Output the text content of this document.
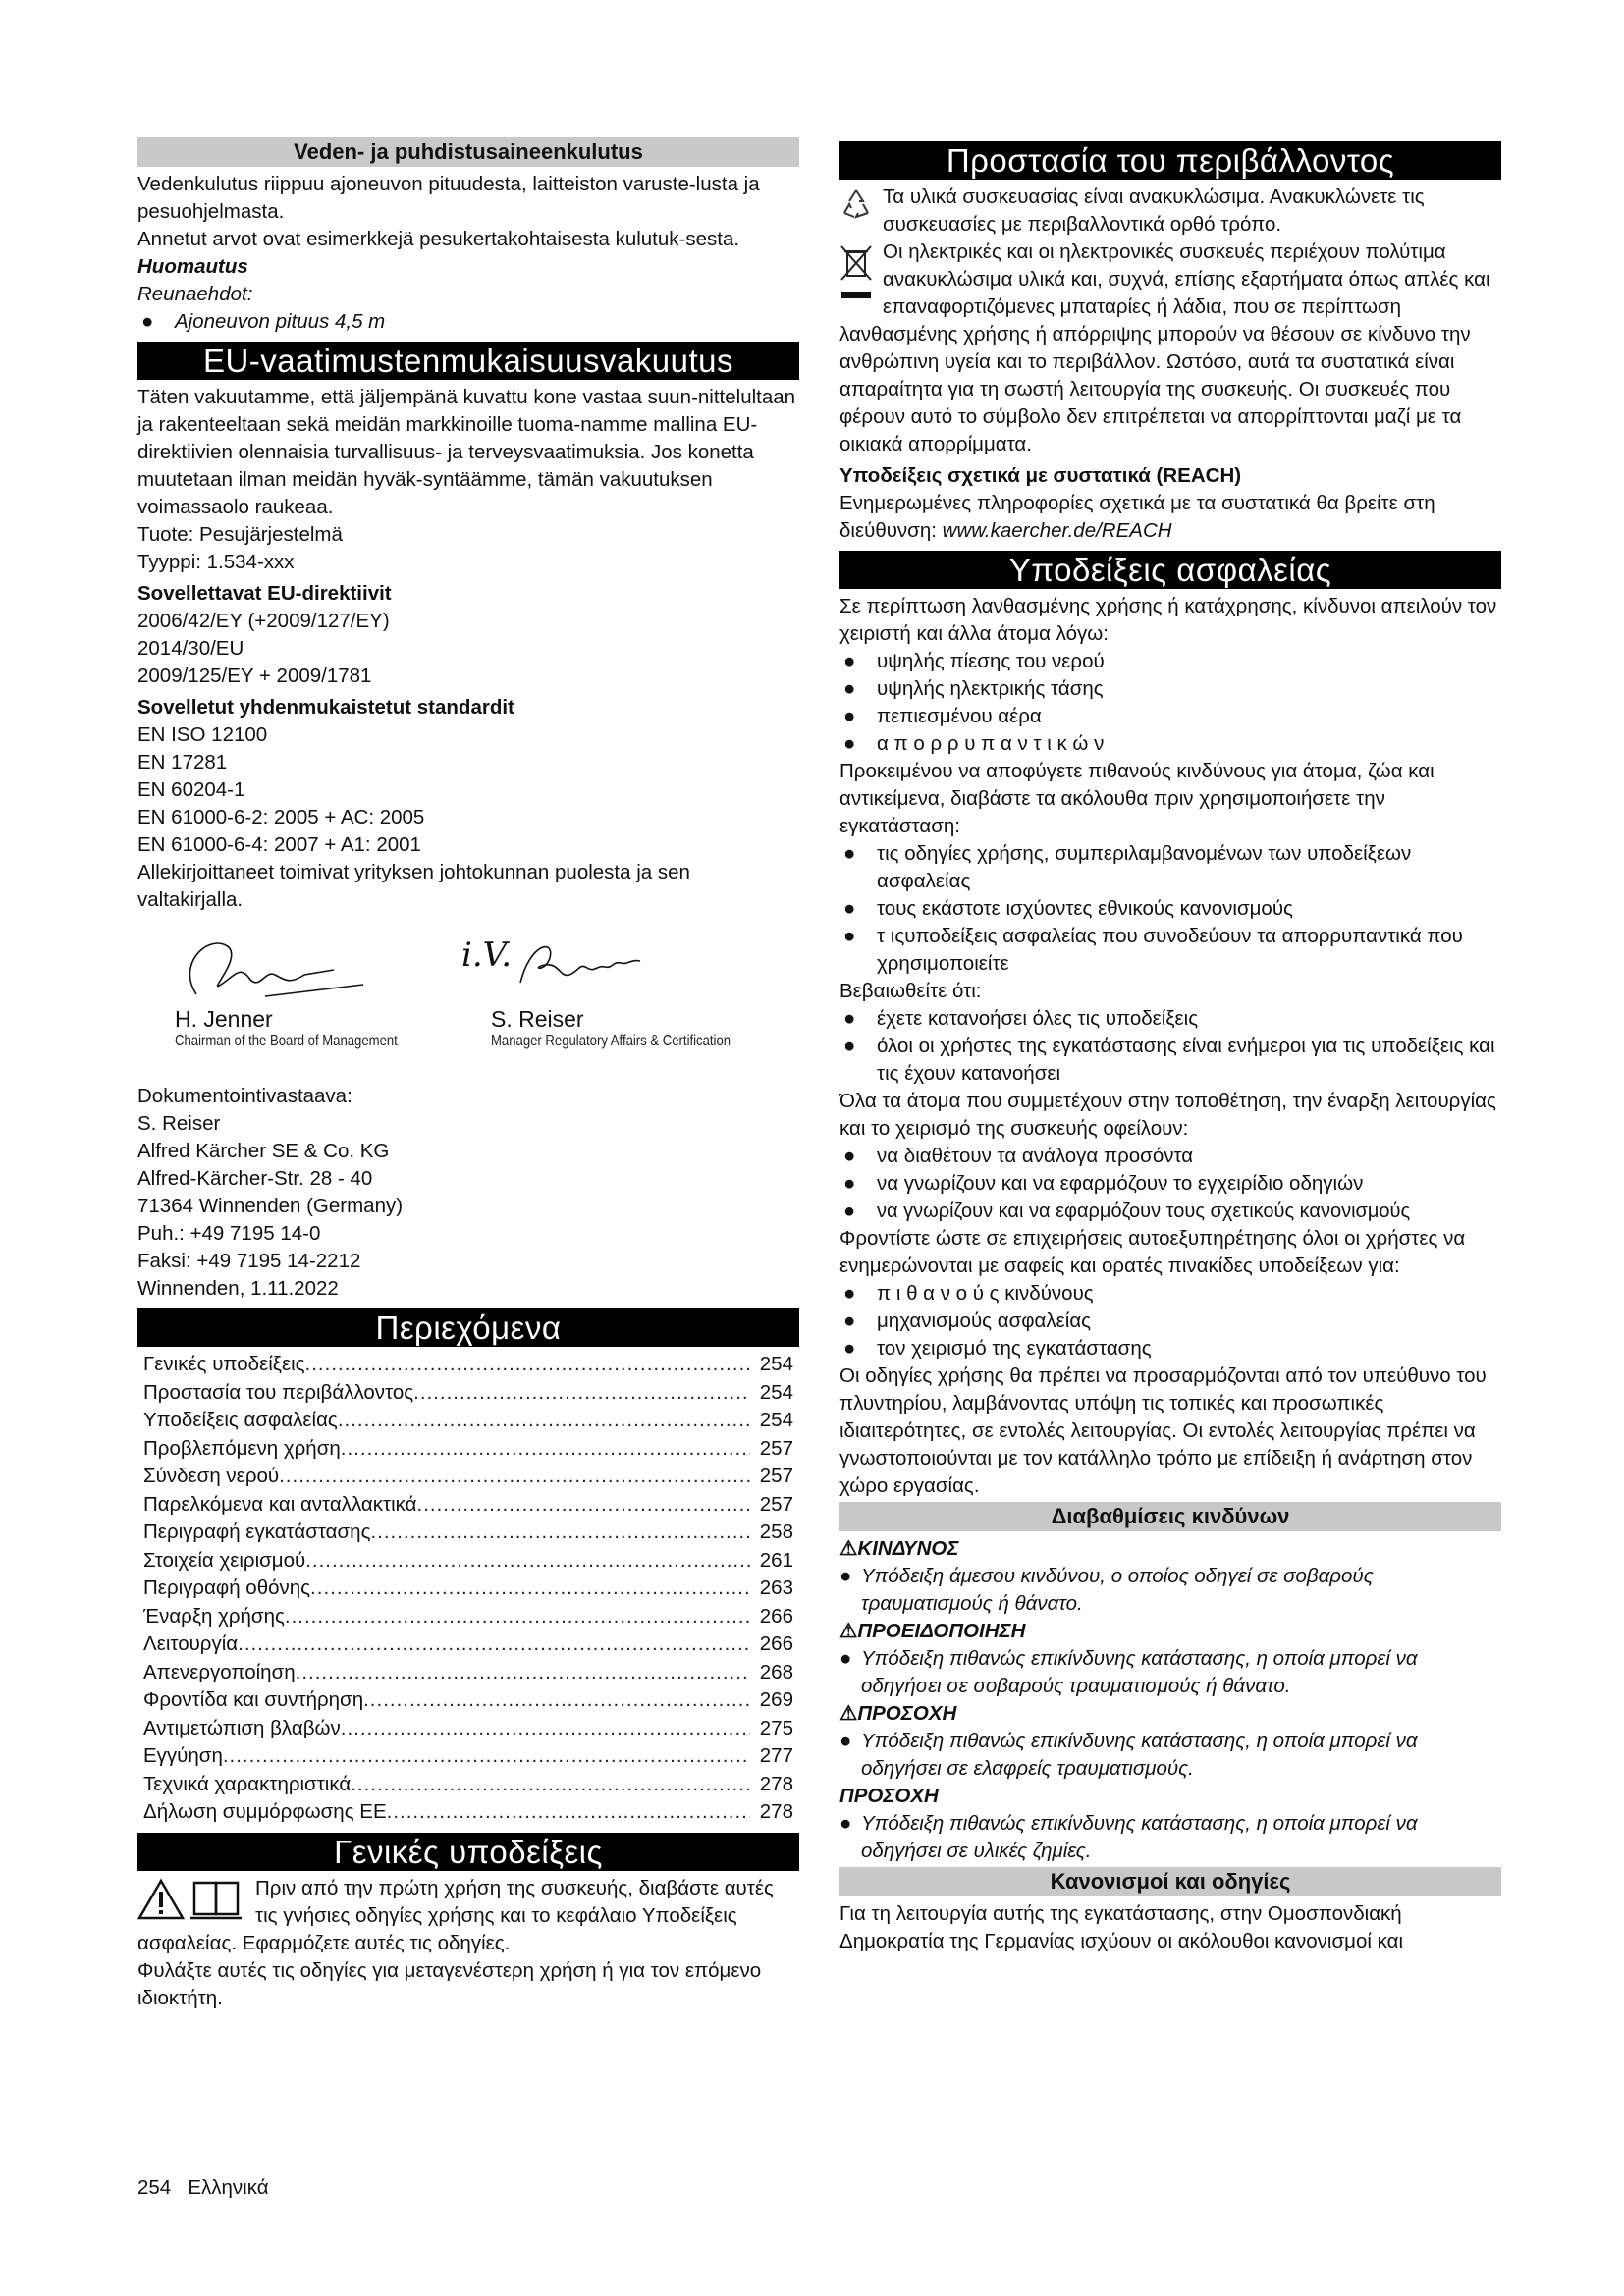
Veden- ja puhdistusaineenkulutus

Vedenkulutus riippuu ajoneuvon pituudesta, laitteiston varuste-lusta ja pesuohjelmasta.

Annetut arvot ovat esimerkkejä pesukertakohtaisesta kulutuk-sesta.

Huomautus

Reunaehdot:

● Ajoneuvon pituus 4,5 m
EU-vaatimustenmukaisuusvakuutus

Täten vakuutamme, että jäljempänä kuvattu kone vastaa suun-nittelultaan ja rakenteeltaan sekä meidän markkinoille tuoma-namme mallina EU-direktiivien olennaisia turvallisuus- ja terveysvaatimuksia. Jos konetta muutetaan ilman meidän hyväk-syntäämme, tämän vakuutuksen voimassaolo raukeaa.

Tuote: Pesujärjestelmä

Tyyppi: 1.534-xxx

Sovellettavat EU-direktiivit

2006/42/EY (+2009/127/EY)

2014/30/EU

2009/125/EY + 2009/1781

Sovelletut yhdenmukaistetut standardit

EN ISO 12100

EN 17281

EN 60204-1

EN 61000-6-2: 2005 + AC: 2005

EN 61000-6-4: 2007 + A1: 2001

Allekirjoittaneet toimivat yrityksen johtokunnan puolesta ja sen valtakirjalla.

H. Jenner
Chairman of the Board of Management
i.V.
S. Reiser
Manager Regulatory Affairs & Certification

Dokumentointivastaava:

S. Reiser

Alfred Kärcher SE & Co. KG

Alfred-Kärcher-Str. 28 - 40

71364 Winnenden (Germany)

Puh.: +49 7195 14-0

Faksi: +49 7195 14-2212

Winnenden, 1.11.2022

Περιεχόμενα
Γενικές υποδείξεις .....	254
Προστασία του περιβάλλοντος .....	254
Υποδείξεις ασφαλείας .....	254
Προβλεπόμενη χρήση .....	257
Σύνδεση νερού .....	257
Παρελκόμενα και ανταλλακτικά .....	257
Περιγραφή εγκατάστασης .....	258
Στοιχεία χειρισμού .....	261
Περιγραφή οθόνης .....	263
Έναρξη χρήσης .....	266
Λειτουργία .....	266
Απενεργοποίηση .....	268
Φροντίδα και συντήρηση .....	269
Αντιμετώπιση βλαβών .....	275
Εγγύηση .....	277
Τεχνικά χαρακτηριστικά .....	278
Δήλωση συμμόρφωσης ΕΕ .....	278
Γενικές υποδείξεις

Πριν από την πρώτη χρήση της συσκευής, διαβάστε αυτές τις γνήσιες οδηγίες χρήσης και το κεφάλαιο Υποδείξεις ασφαλείας. Εφαρμόζετε αυτές τις οδηγίες.

Φυλάξτε αυτές τις οδηγίες για μεταγενέστερη χρήση ή για τον επόμενο ιδιοκτήτη.

Προστασία του περιβάλλοντος
Τα υλικά συσκευασίας είναι ανακυκλώσιμα. Ανακυκλώνετε τις συσκευασίες με περιβαλλοντικά ορθό τρόπο.

Οι ηλεκτρικές και οι ηλεκτρονικές συσκευές περιέχουν πολύτιμα ανακυκλώσιμα υλικά και, συχνά, επίσης εξαρτήματα όπως απλές και επαναφορτιζόμενες μπαταρίες ή λάδια, που σε περίπτωση λανθασμένης χρήσης ή απόρριψης μπορούν να θέσουν σε κίνδυνο την ανθρώπινη υγεία και το περιβάλλον. Ωστόσο, αυτά τα συστατικά είναι απαραίτητα για τη σωστή λειτουργία της συσκευής. Οι συσκευές που φέρουν αυτό το σύμβολο δεν επιτρέπεται να απορρίπτονται μαζί με τα οικιακά απορρίμματα.

Υποδείξεις σχετικά με συστατικά (REACH)

Ενημερωμένες πληροφορίες σχετικά με τα συστατικά θα βρείτε στη διεύθυνση: www.kaercher.de/REACH

Υποδείξεις ασφαλείας

Σε περίπτωση λανθασμένης χρήσης ή κατάχρησης, κίνδυνοι απειλούν τον χειριστή και άλλα άτομα λόγω:

● υψηλής πίεσης του νερού
● υψηλής ηλεκτρικής τάσης
● πεπιεσμένου αέρα
● α π ο ρ ρ υ π α ν τ ι κ ώ ν

Προκειμένου να αποφύγετε πιθανούς κινδύνους για άτομα, ζώα και αντικείμενα, διαβάστε τα ακόλουθα πριν χρησιμοποιήσετε την εγκατάσταση:

● τις οδηγίες χρήσης, συμπεριλαμβανομένων των υποδείξεων ασφαλείας
● τους εκάστοτε ισχύοντες εθνικούς κανονισμούς
● τ ιςυποδείξεις ασφαλείας που συνοδεύουν τα απορρυπαντικά που χρησιμοποιείτε

Βεβαιωθείτε ότι:

● έχετε κατανοήσει όλες τις υποδείξεις
● όλοι οι χρήστες της εγκατάστασης είναι ενήμεροι για τις υποδείξεις και τις έχουν κατανοήσει

Όλα τα άτομα που συμμετέχουν στην τοποθέτηση, την έναρξη λειτουργίας και το χειρισμό της συσκευής οφείλουν:

● να διαθέτουν τα ανάλογα προσόντα
● να γνωρίζουν και να εφαρμόζουν το εγχειρίδιο οδηγιών
● να γνωρίζουν και να εφαρμόζουν τους σχετικούς κανονισμούς

Φροντίστε ώστε σε επιχειρήσεις αυτοεξυπηρέτησης όλοι οι χρήστες να ενημερώνονται με σαφείς και ορατές πινακίδες υποδείξεων για:

● π ι θ α ν ο ύ ς κινδύνους
● μηχανισμούς ασφαλείας
● τον χειρισμό της εγκατάστασης

Οι οδηγίες χρήσης θα πρέπει να προσαρμόζονται από τον υπεύθυνο του πλυντηρίου, λαμβάνοντας υπόψη τις τοπικές και προσωπικές ιδιαιτερότητες, σε εντολές λειτουργίας. Οι εντολές λειτουργίας πρέπει να γνωστοποιούνται με τον κατάλληλο τρόπο με επίδειξη ή ανάρτηση στον χώρο εργασίας.

Διαβαθμίσεις κινδύνων
⚠ΚΙΝΔΥΝΟΣ
● Υπόδειξη άμεσου κινδύνου, ο οποίος οδηγεί σε σοβαρούς τραυματισμούς ή θάνατο.
⚠ΠΡΟΕΙΔΟΠΟΙΗΣΗ
● Υπόδειξη πιθανώς επικίνδυνης κατάστασης, η οποία μπορεί να οδηγήσει σε σοβαρούς τραυματισμούς ή θάνατο.
⚠ΠΡΟΣΟΧΗ
● Υπόδειξη πιθανώς επικίνδυνης κατάστασης, η οποία μπορεί να οδηγήσει σε ελαφρείς τραυματισμούς.
ΠΡΟΣΟΧΗ
● Υπόδειξη πιθανώς επικίνδυνης κατάστασης, η οποία μπορεί να οδηγήσει σε υλικές ζημίες.
Κανονισμοί και οδηγίες

Για τη λειτουργία αυτής της εγκατάστασης, στην Ομοσπονδιακή Δημοκρατία της Γερμανίας ισχύουν οι ακόλουθοι κανονισμοί και

254 Ελληνικά
